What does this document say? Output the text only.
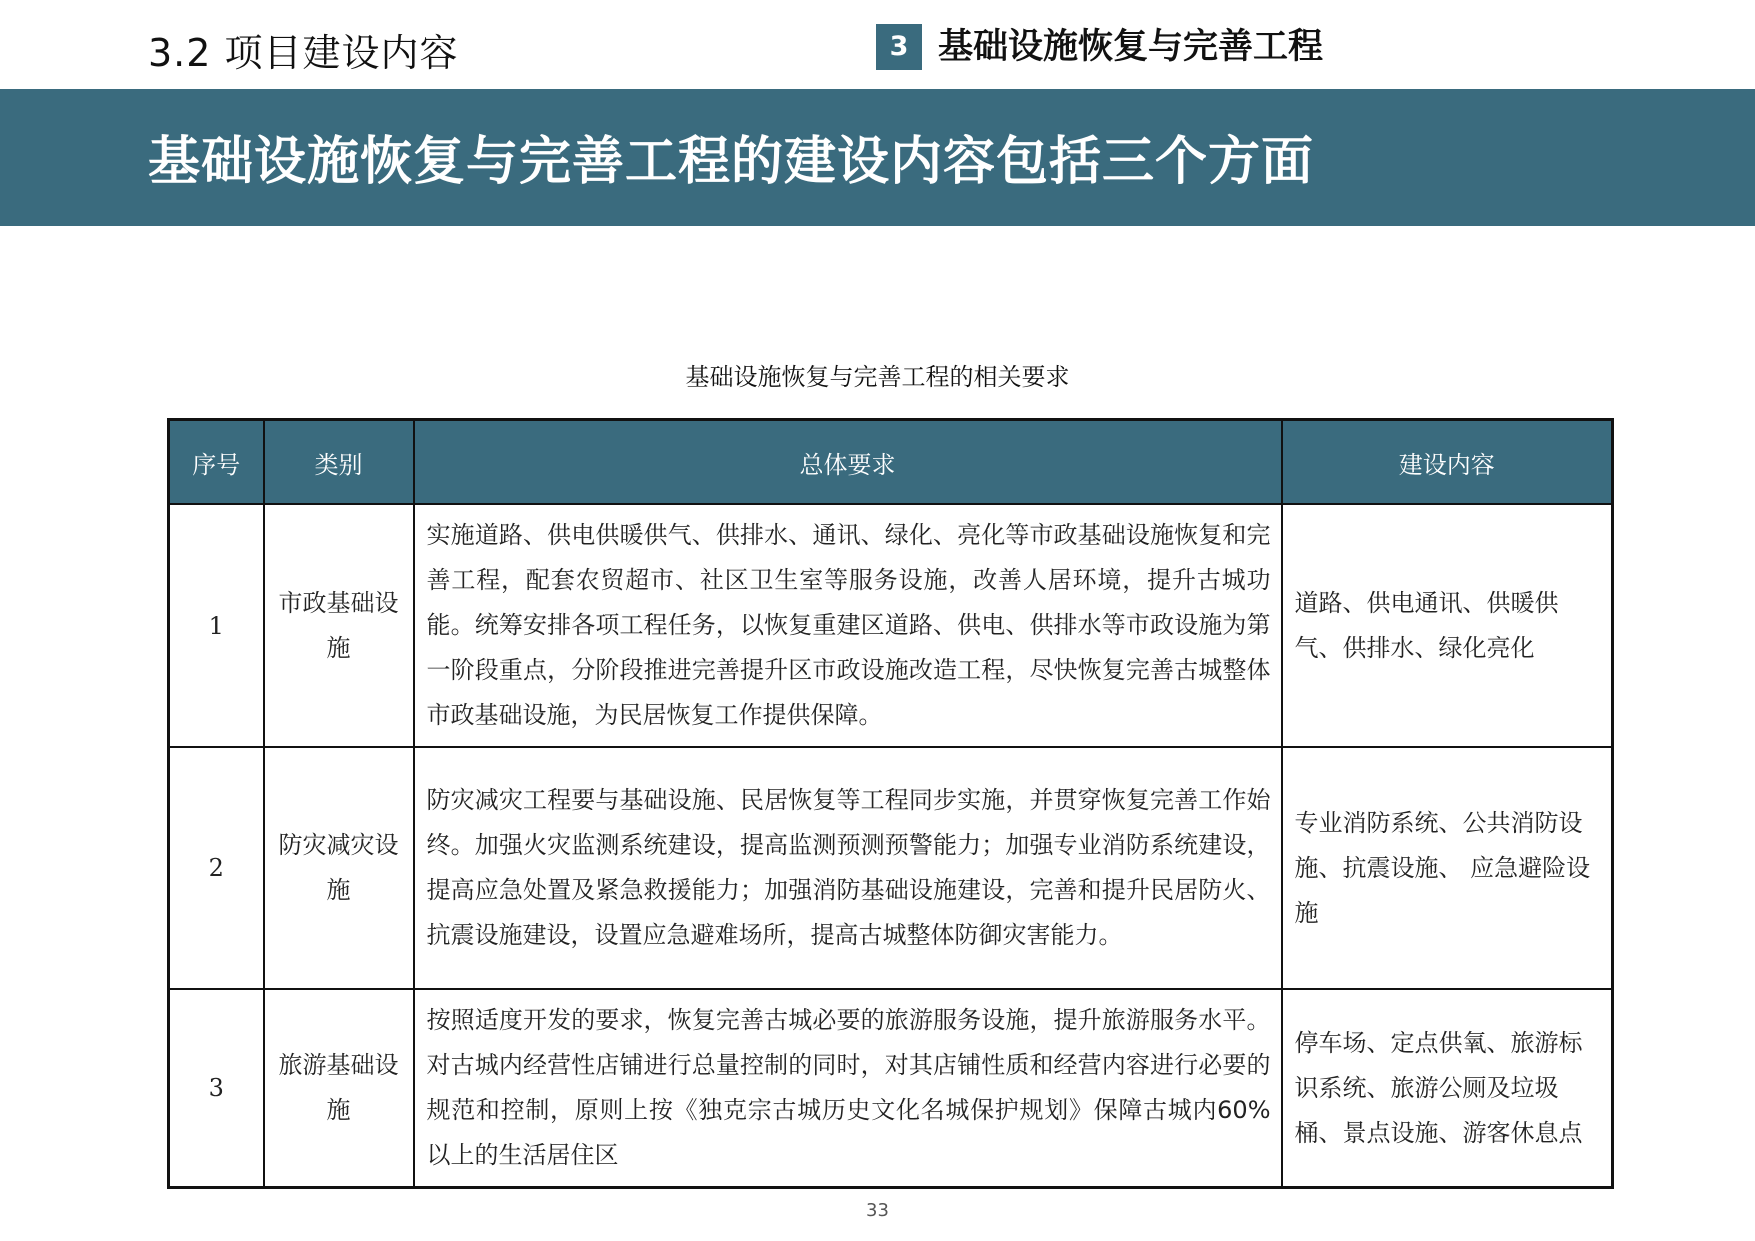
3.2 项目建设内容	3 基础设施恢复与完善工程
基础设施恢复与完善工程的建设内容包括三个方面
基础设施恢复与完善工程的相关要求
序号	类别	总体要求	建设内容
1	市政基础设施	实施道路、供电供暖供气、供排水、通讯、绿化、亮化等市政基础设施恢复和完善工程，配套农贸超市、社区卫生室等服务设施，改善人居环境，提升古城功能。统筹安排各项工程任务，以恢复重建区道路、供电、供排水等市政设施为第一阶段重点，分阶段推进完善提升区市政设施改造工程，尽快恢复完善古城整体市政基础设施，为民居恢复工作提供保障。	道路、供电通讯、供暖供气、供排水、绿化亮化
2	防灾减灾设施	防灾减灾工程要与基础设施、民居恢复等工程同步实施，并贯穿恢复完善工作始终。加强火灾监测系统建设，提高监测预测预警能力；加强专业消防系统建设，提高应急处置及紧急救援能力；加强消防基础设施建设，完善和提升民居防火、抗震设施建设，设置应急避难场所，提高古城整体防御灾害能力。	专业消防系统、公共消防设施、抗震设施、 应急避险设施
3	旅游基础设施	按照适度开发的要求，恢复完善古城必要的旅游服务设施，提升旅游服务水平。对古城内经营性店铺进行总量控制的同时，对其店铺性质和经营内容进行必要的规范和控制，原则上按《独克宗古城历史文化名城保护规划》保障古城内60%以上的生活居住区	停车场、定点供氧、旅游标识系统、旅游公厕及垃圾桶、景点设施、游客休息点
33
